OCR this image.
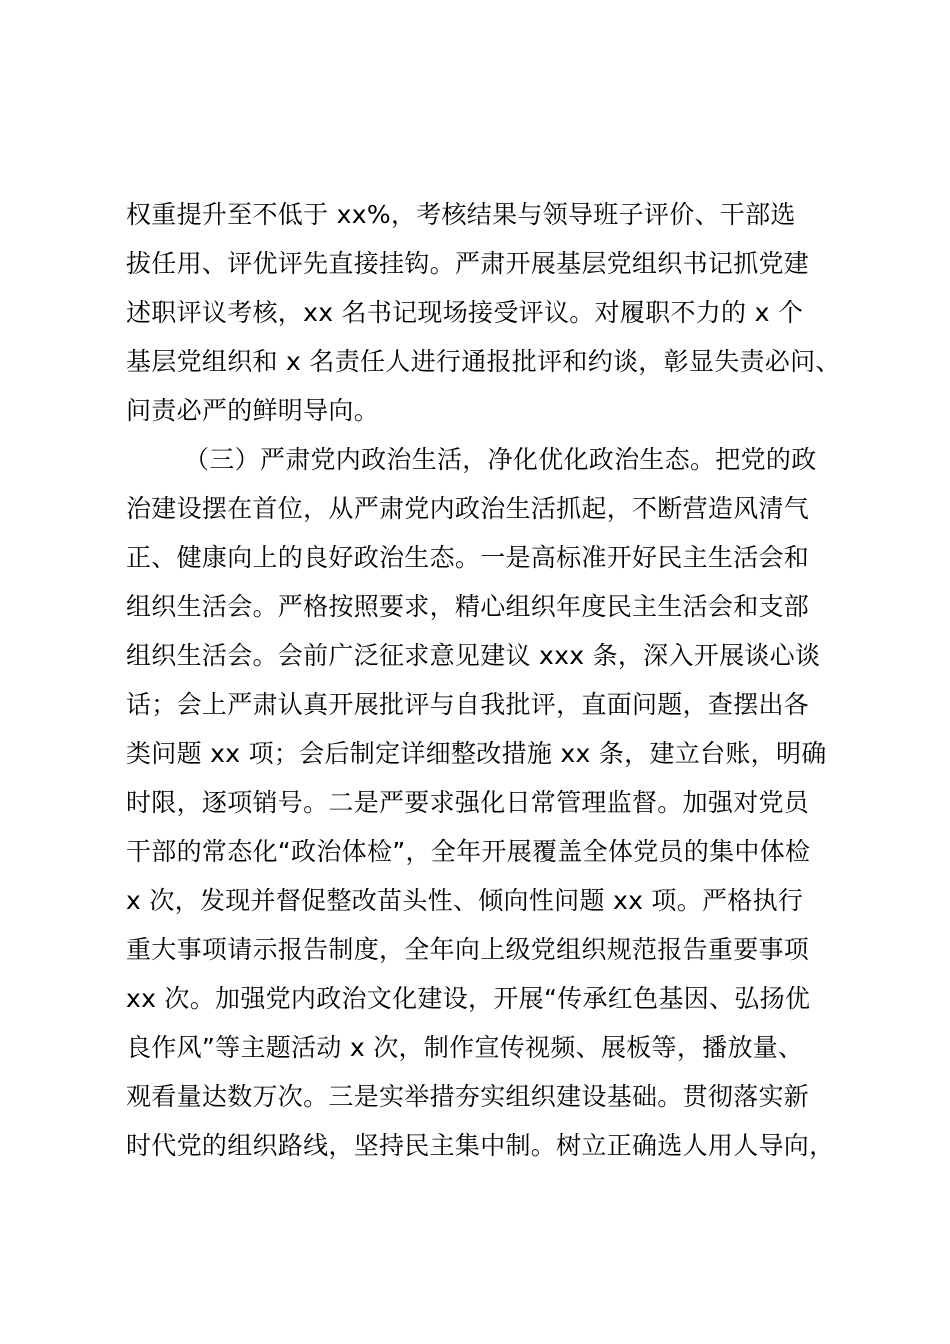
权重提升至不低于 xx%，考核结果与领导班子评价、干部选
拔任用、评优评先直接挂钩。严肃开展基层党组织书记抓党建
述职评议考核，xx 名书记现场接受评议。对履职不力的 x 个
基层党组织和 x 名责任人进行通报批评和约谈，彰显失责必问、
问责必严的鲜明导向。
（三）严肃党内政治生活，净化优化政治生态。把党的政
治建设摆在首位，从严肃党内政治生活抓起，不断营造风清气
正、健康向上的良好政治生态。一是高标准开好民主生活会和
组织生活会。严格按照要求，精心组织年度民主生活会和支部
组织生活会。会前广泛征求意见建议 xxx 条，深入开展谈心谈
话；会上严肃认真开展批评与自我批评，直面问题，查摆出各
类问题 xx 项；会后制定详细整改措施 xx 条，建立台账，明确
时限，逐项销号。二是严要求强化日常管理监督。加强对党员
干部的常态化“政治体检”，全年开展覆盖全体党员的集中体检
x 次，发现并督促整改苗头性、倾向性问题 xx 项。严格执行
重大事项请示报告制度，全年向上级党组织规范报告重要事项
xx 次。加强党内政治文化建设，开展“传承红色基因、弘扬优
良作风”等主题活动 x 次，制作宣传视频、展板等，播放量、
观看量达数万次。三是实举措夯实组织建设基础。贯彻落实新
时代党的组织路线，坚持民主集中制。树立正确选人用人导向，
